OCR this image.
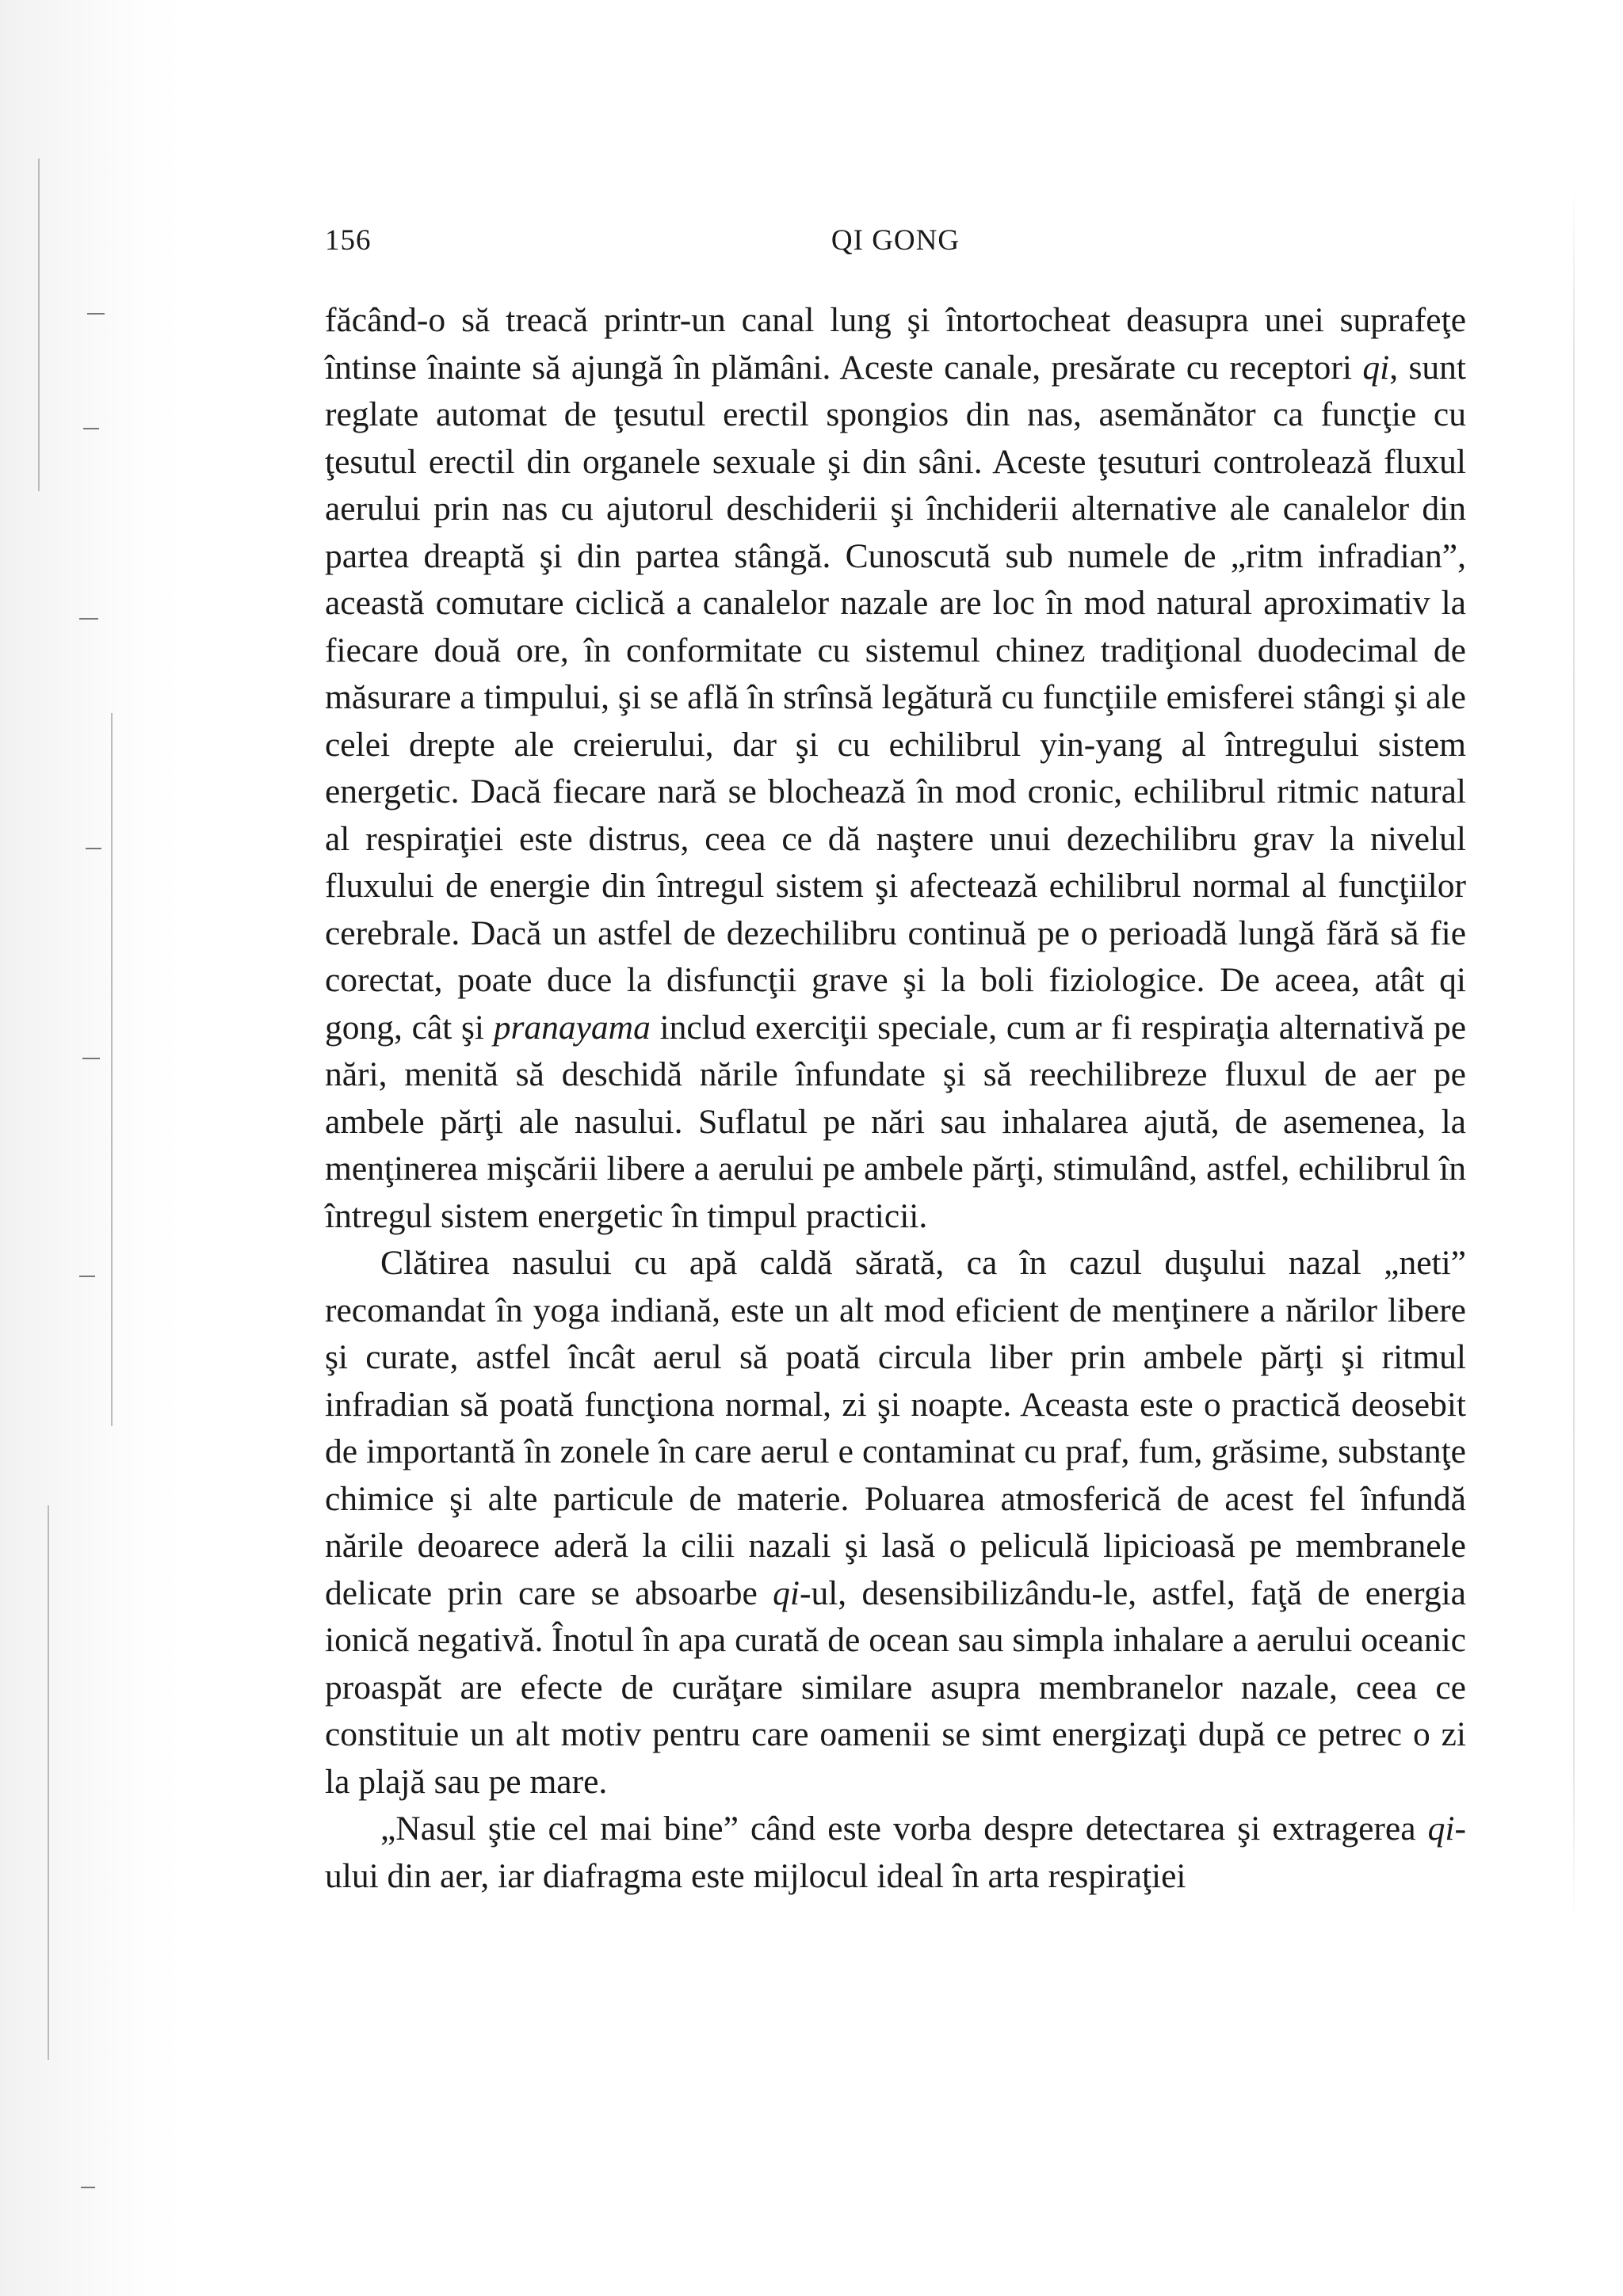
156	QI GONG

făcând-o să treacă printr-un canal lung şi întortocheat deasupra unei suprafeţe întinse înainte să ajungă în plămâni. Aceste canale, presărate cu receptori qi, sunt reglate automat de ţesutul erectil spongios din nas, asemănător ca funcţie cu ţesutul erectil din organele sexuale şi din sâni. Aceste ţesuturi controlează fluxul aerului prin nas cu ajutorul deschiderii şi închiderii alternative ale canalelor din partea dreaptă şi din partea stângă. Cunoscută sub numele de „ritm infradian”, această comutare ciclică a canalelor nazale are loc în mod natural aproximativ la fiecare două ore, în conformitate cu sistemul chinez tradiţional duodecimal de măsurare a timpului, şi se află în strînsă legătură cu funcţiile emisferei stângi şi ale celei drepte ale creierului, dar şi cu echilibrul yin-yang al întregului sistem energetic. Dacă fiecare nară se blochează în mod cronic, echilibrul ritmic natural al respiraţiei este distrus, ceea ce dă naştere unui dezechilibru grav la nivelul fluxului de energie din întregul sistem şi afectează echilibrul normal al funcţiilor cerebrale. Dacă un astfel de dezechilibru continuă pe o perioadă lungă fără să fie corectat, poate duce la disfuncţii grave şi la boli fiziologice. De aceea, atât qi gong, cât şi pranayama includ exerciţii speciale, cum ar fi respiraţia alternativă pe nări, menită să deschidă nările înfundate şi să reechilibreze fluxul de aer pe ambele părţi ale nasului. Suflatul pe nări sau inhalarea ajută, de asemenea, la menţinerea mişcării libere a aerului pe ambele părţi, stimulând, astfel, echilibrul în întregul sistem energetic în timpul practicii.

Clătirea nasului cu apă caldă sărată, ca în cazul duşului nazal „neti” recomandat în yoga indiană, este un alt mod eficient de menţinere a nărilor libere şi curate, astfel încât aerul să poată circula liber prin ambele părţi şi ritmul infradian să poată funcţiona normal, zi şi noapte. Aceasta este o practică deosebit de importantă în zonele în care aerul e contaminat cu praf, fum, grăsime, substanţe chimice şi alte particule de materie. Poluarea atmosferică de acest fel înfundă nările deoarece aderă la cilii nazali şi lasă o peliculă lipicioasă pe membranele delicate prin care se absoarbe qi-ul, desensibilizându-le, astfel, faţă de energia ionică negativă. Înotul în apa curată de ocean sau simpla inhalare a aerului oceanic proaspăt are efecte de curăţare similare asupra membranelor nazale, ceea ce constituie un alt motiv pentru care oamenii se simt energizaţi după ce petrec o zi la plajă sau pe mare.

„Nasul ştie cel mai bine” când este vorba despre detectarea şi extragerea qi-ului din aer, iar diafragma este mijlocul ideal în arta respiraţiei
